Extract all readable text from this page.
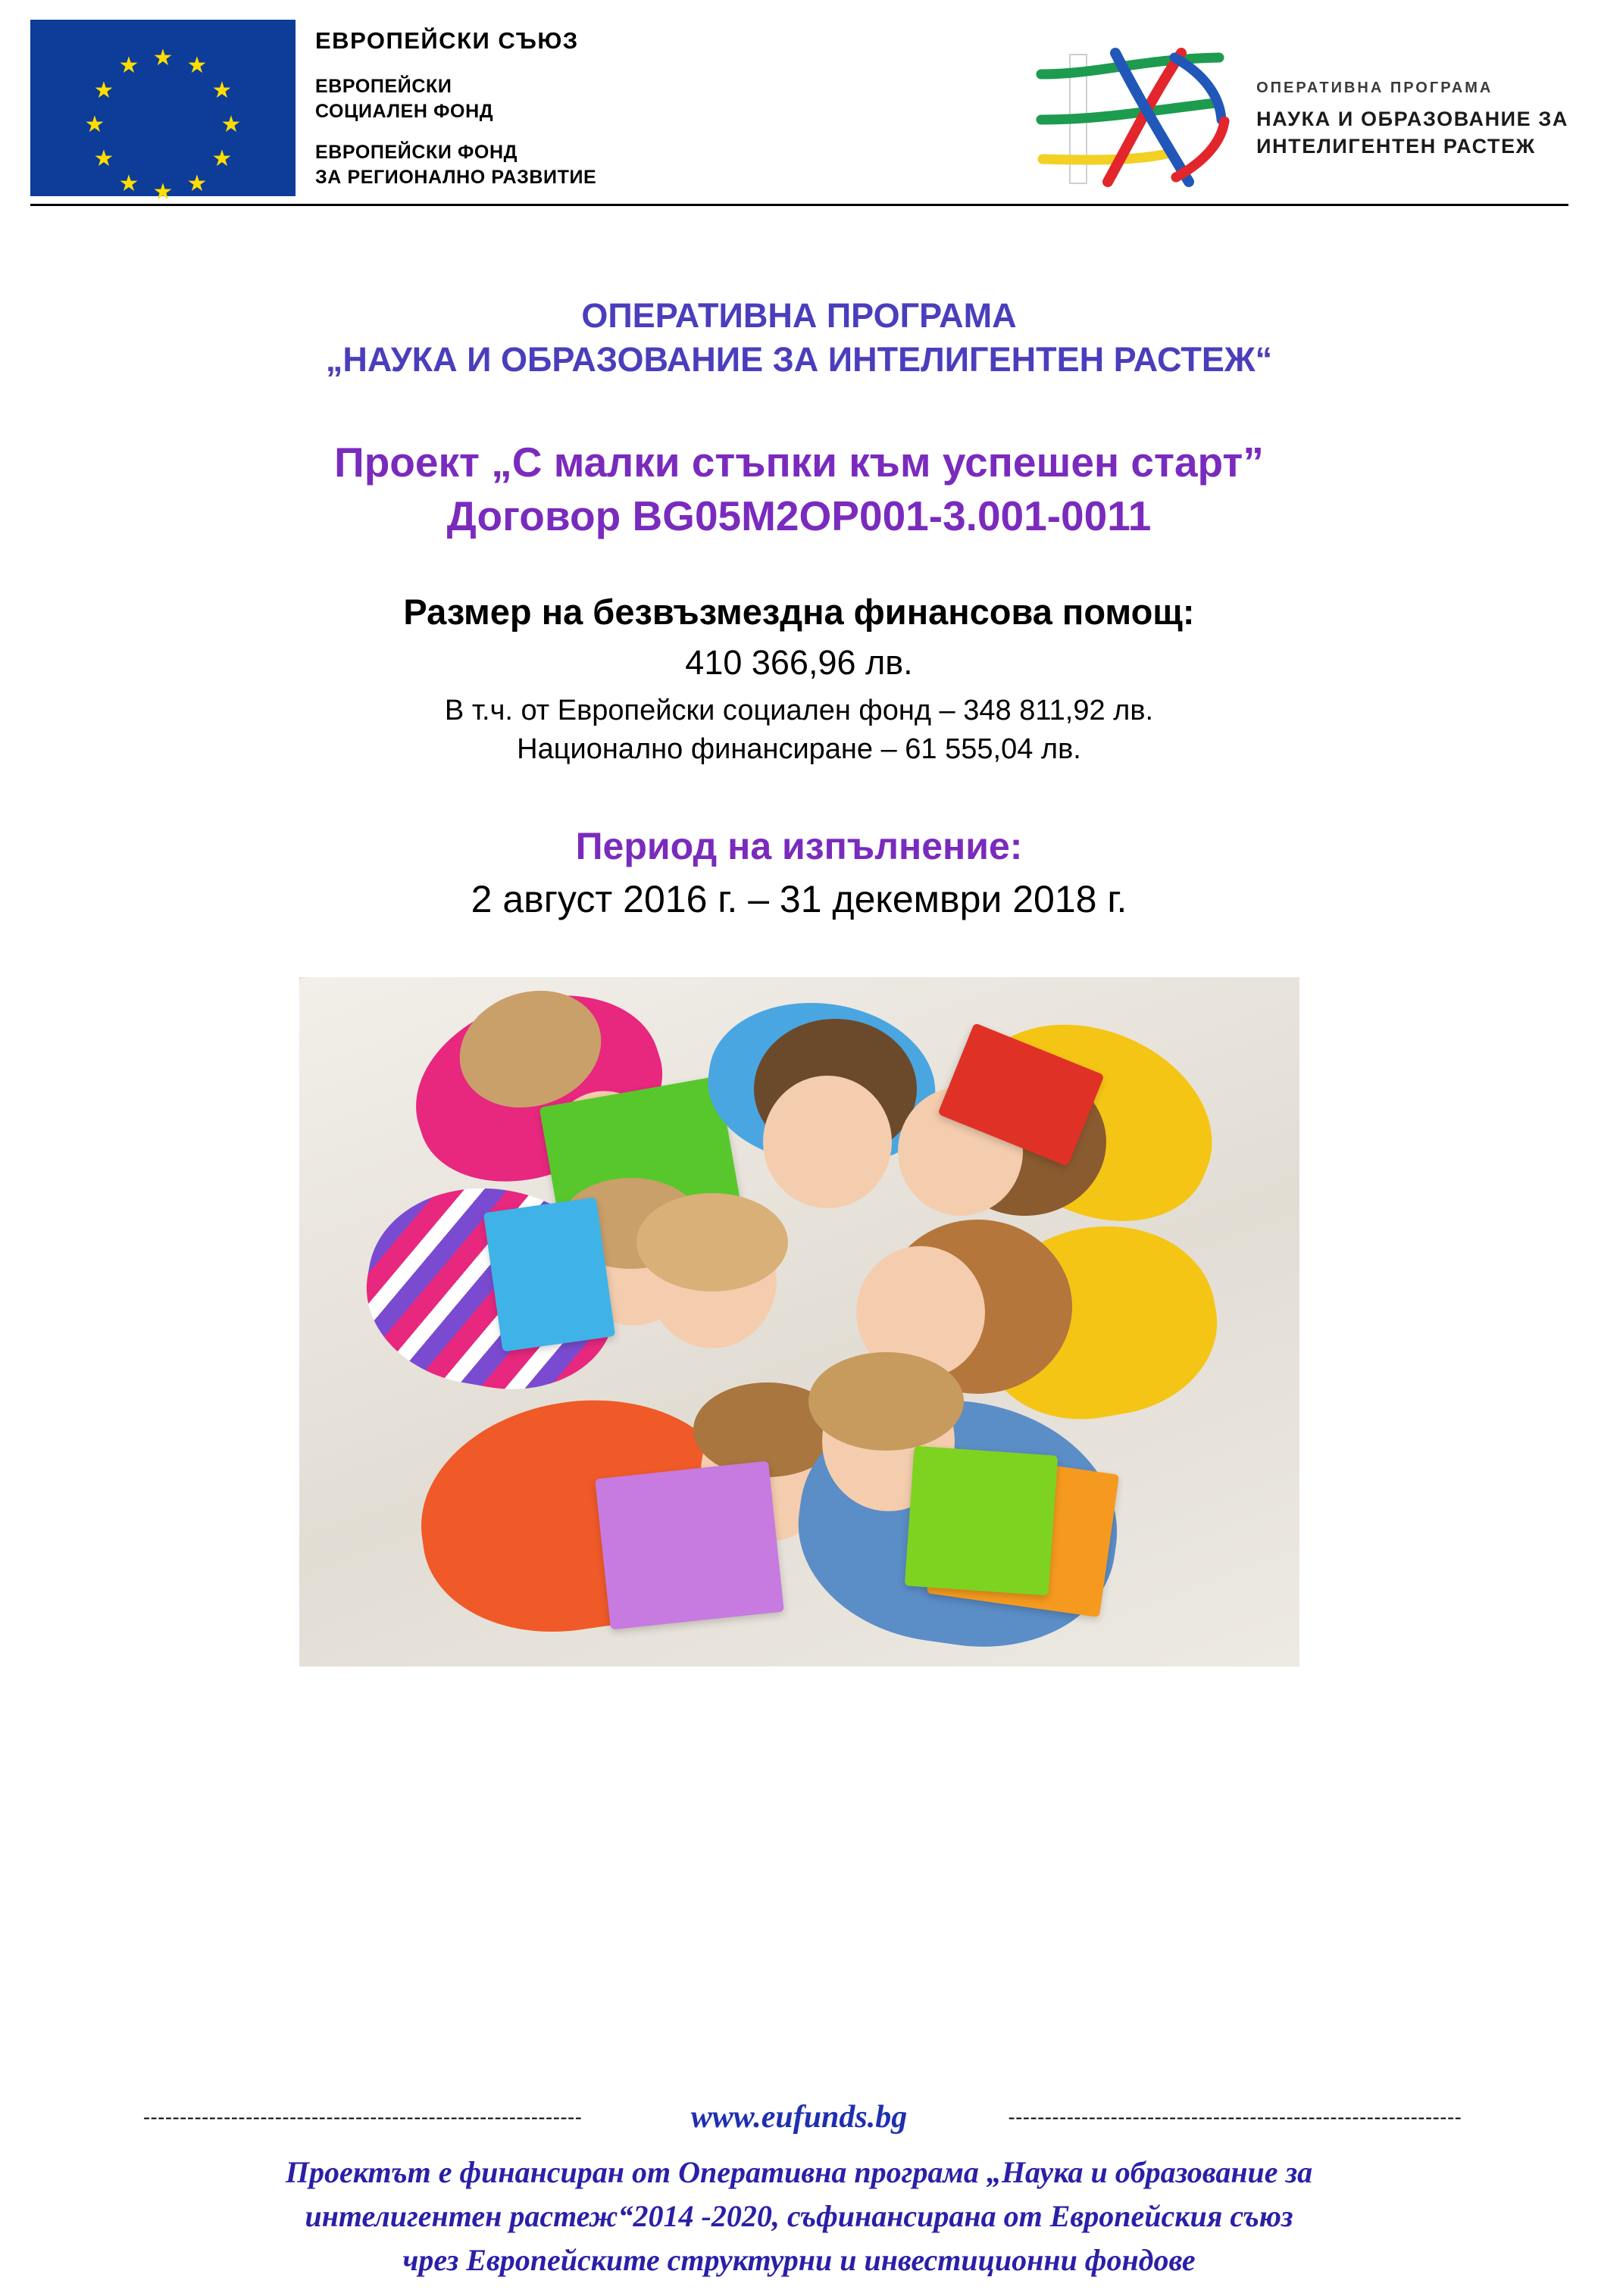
★ ★
★
★
★
★
★
★
★
★
★
★
ЕВРОПЕЙСКИ СЪЮЗ
ЕВРОПЕЙСКИ
СОЦИАЛЕН ФОНД
ЕВРОПЕЙСКИ ФОНД
ЗА РЕГИОНАЛНО РАЗВИТИЕ
ОПЕРАТИВНА ПРОГРАМА
НАУКА И ОБРАЗОВАНИЕ ЗА
ИНТЕЛИГЕНТЕН РАСТЕЖ
ОПЕРАТИВНА ПРОГРАМА
„НАУКА И ОБРАЗОВАНИЕ ЗА ИНТЕЛИГЕНТЕН РАСТЕЖ“
Проект „С малки стъпки към успешен старт”
Договор BG05M2OP001-3.001-0011
Размер на безвъзмездна финансова помощ:
410 366,96 лв.
В т.ч. от Европейски социален фонд – 348 811,92 лв.
Национално финансиране – 61 555,04 лв.
Период на изпълнение:
2 август 2016 г. – 31 декември 2018 г.
------------------------------------------------------------	www.eufunds.bg	--------------------------------------------------------------
Проектът е финансиран от Оперативна програма „Наука и образование за
интелигентен растеж“2014 -2020, съфинансирана от Европейския съюз
чрез Европейските структурни и инвестиционни фондове
